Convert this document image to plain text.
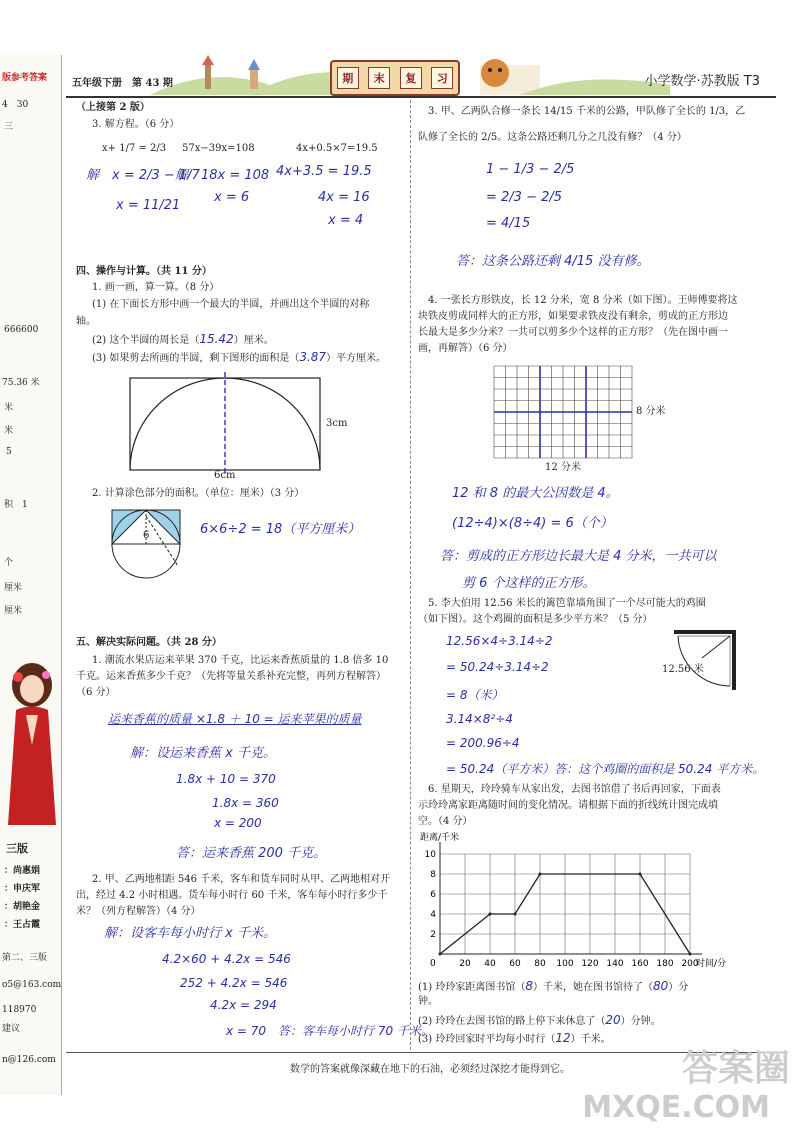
版参考答案
4　30
三
666600
75.36 米
米
米
5
积　1
个
厘米
厘米
三版
：尚惠娟
：申庆军
：胡艳金
：王占霞
第二、三版
o5@163.com
118970
建议
n@126.com
五年级下册　第 43 期	期	末	复	习	小学数学·苏教版 T3
（上接第 2 版）
3. 解方程。（6 分）
x+ 1/7 = 2/3 57x−39x=108	4x+0.5×7=19.5
解　x = 2/3 − 1/7
x = 11/21
解　18x = 108
x = 6
4x+3.5 = 19.5
4x = 16
x = 4
四、操作与计算。（共 11 分）
1. 画一画，算一算。（8 分）
(1) 在下面长方形中画一个最大的半圆，并画出这个半圆的对称
轴。
(2) 这个半圆的周长是（15.42）厘米。
(3) 如果剪去所画的半圆，剩下图形的面积是（3.87）平方厘米。
3cm
6cm
2. 计算涂色部分的面积。（单位：厘米）（3 分）
6	6×6÷2 = 18（平方厘米）
五、解决实际问题。（共 28 分）
1. 潮流水果店运来苹果 370 千克，比运来香蕉质量的 1.8 倍多 10
千克。运来香蕉多少千克？（先将等量关系补充完整，再列方程解答）
（6 分）
运来香蕉的质量 ×1.8 ＋ 10 = 运来苹果的质量
解：设运来香蕉 x 千克。
1.8x + 10 = 370
1.8x = 360
x = 200
答：运来香蕉 200 千克。
2. 甲、乙两地相距 546 千米，客车和货车同时从甲、乙两地相对开
出，经过 4.2 小时相遇。货车每小时行 60 千米，客车每小时行多少千
米？（列方程解答）（4 分）
解：设客车每小时行 x 千米。
4.2×60 + 4.2x = 546
252 + 4.2x = 546
4.2x = 294
x = 70　答：客车每小时行 70 千米。
3. 甲、乙两队合修一条长 14/15 千米的公路，甲队修了全长的 1/3，乙
队修了全长的 2/5。这条公路还剩几分之几没有修？（4 分）
1 − 1/3 − 2/5
= 2/3 − 2/5
= 4/15
答：这条公路还剩 4/15 没有修。
4. 一张长方形铁皮，长 12 分米，宽 8 分米（如下图）。王师傅要将这
块铁皮剪成同样大的正方形，如果要求铁皮没有剩余，剪成的正方形边
长最大是多少分米？一共可以剪多少个这样的正方形？（先在图中画一
画，再解答）（6 分）
8 分米
12 分米
12 和 8 的最大公因数是 4。
(12÷4)×(8÷4) = 6（个）
答：剪成的正方形边长最大是 4 分米，一共可以
剪 6 个这样的正方形。
5. 李大伯用 12.56 米长的篱笆靠墙角围了一个尽可能大的鸡圈
（如下图）。这个鸡圈的面积是多少平方米？（5 分）
12.56 米
12.56×4÷3.14÷2
= 50.24÷3.14÷2
= 8（米）
3.14×8²÷4
= 200.96÷4
= 50.24（平方米）答：这个鸡圈的面积是 50.24 平方米。
6. 星期天，玲玲骑车从家出发，去图书馆借了书后再回家，下面表
示玲玲离家距离随时间的变化情况。请根据下面的折线统计图完成填
空。（4 分）
距离/千米
时间/分
0	20 40 60 80 100 120 140 160 180 200
2
4
6
8
10
(1) 玲玲家距离图书馆（8）千米，她在图书馆待了（80）分
钟。
(2) 玲玲在去图书馆的路上停下来休息了（20）分钟。
(3) 玲玲回家时平均每小时行（12）千米。
数学的答案就像深藏在地下的石油，必须经过深挖才能得到它。	答案圈
MXQE.COM
